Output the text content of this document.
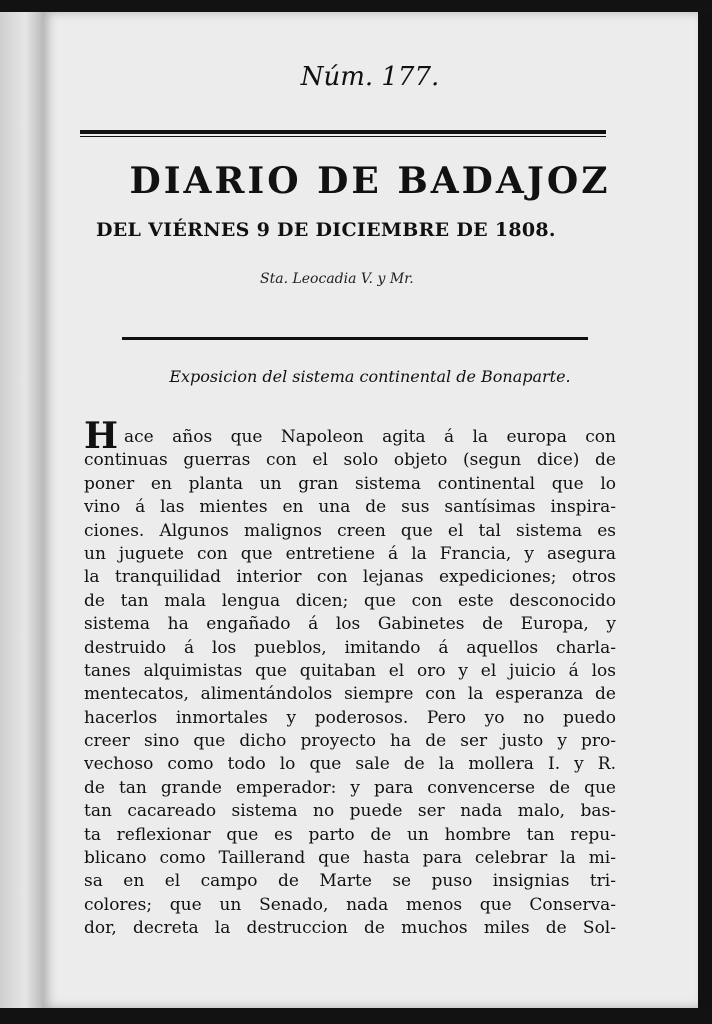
Núm. 177.
DIARIO DE BADAJOZ
DEL VIÉRNES 9 DE DICIEMBRE DE 1808.
Sta. Leocadia V. y Mr.
Exposicion del sistema continental de Bonaparte.
H ace años que Napoleon agita á la europa con
continuas guerras con el solo objeto (segun dice) de
poner en planta un gran sistema continental que lo
vino á las mientes en una de sus santísimas inspira-
ciones. Algunos malignos creen que el tal sistema es
un juguete con que entretiene á la Francia, y asegura
la tranquilidad interior con lejanas expediciones; otros
de tan mala lengua dicen; que con este desconocido
sistema ha engañado á los Gabinetes de Europa, y
destruido á los pueblos, imitando á aquellos charla-
tanes alquimistas que quitaban el oro y el juicio á los
mentecatos, alimentándolos siempre con la esperanza de
hacerlos inmortales y poderosos. Pero yo no puedo
creer sino que dicho proyecto ha de ser justo y pro-
vechoso como todo lo que sale de la mollera I. y R.
de tan grande emperador: y para convencerse de que
tan cacareado sistema no puede ser nada malo, bas-
ta reflexionar que es parto de un hombre tan repu-
blicano como Taillerand que hasta para celebrar la mi-
sa en el campo de Marte se puso insignias tri-
colores; que un Senado, nada menos que Conserva-
dor, decreta la destruccion de muchos miles de Sol-
